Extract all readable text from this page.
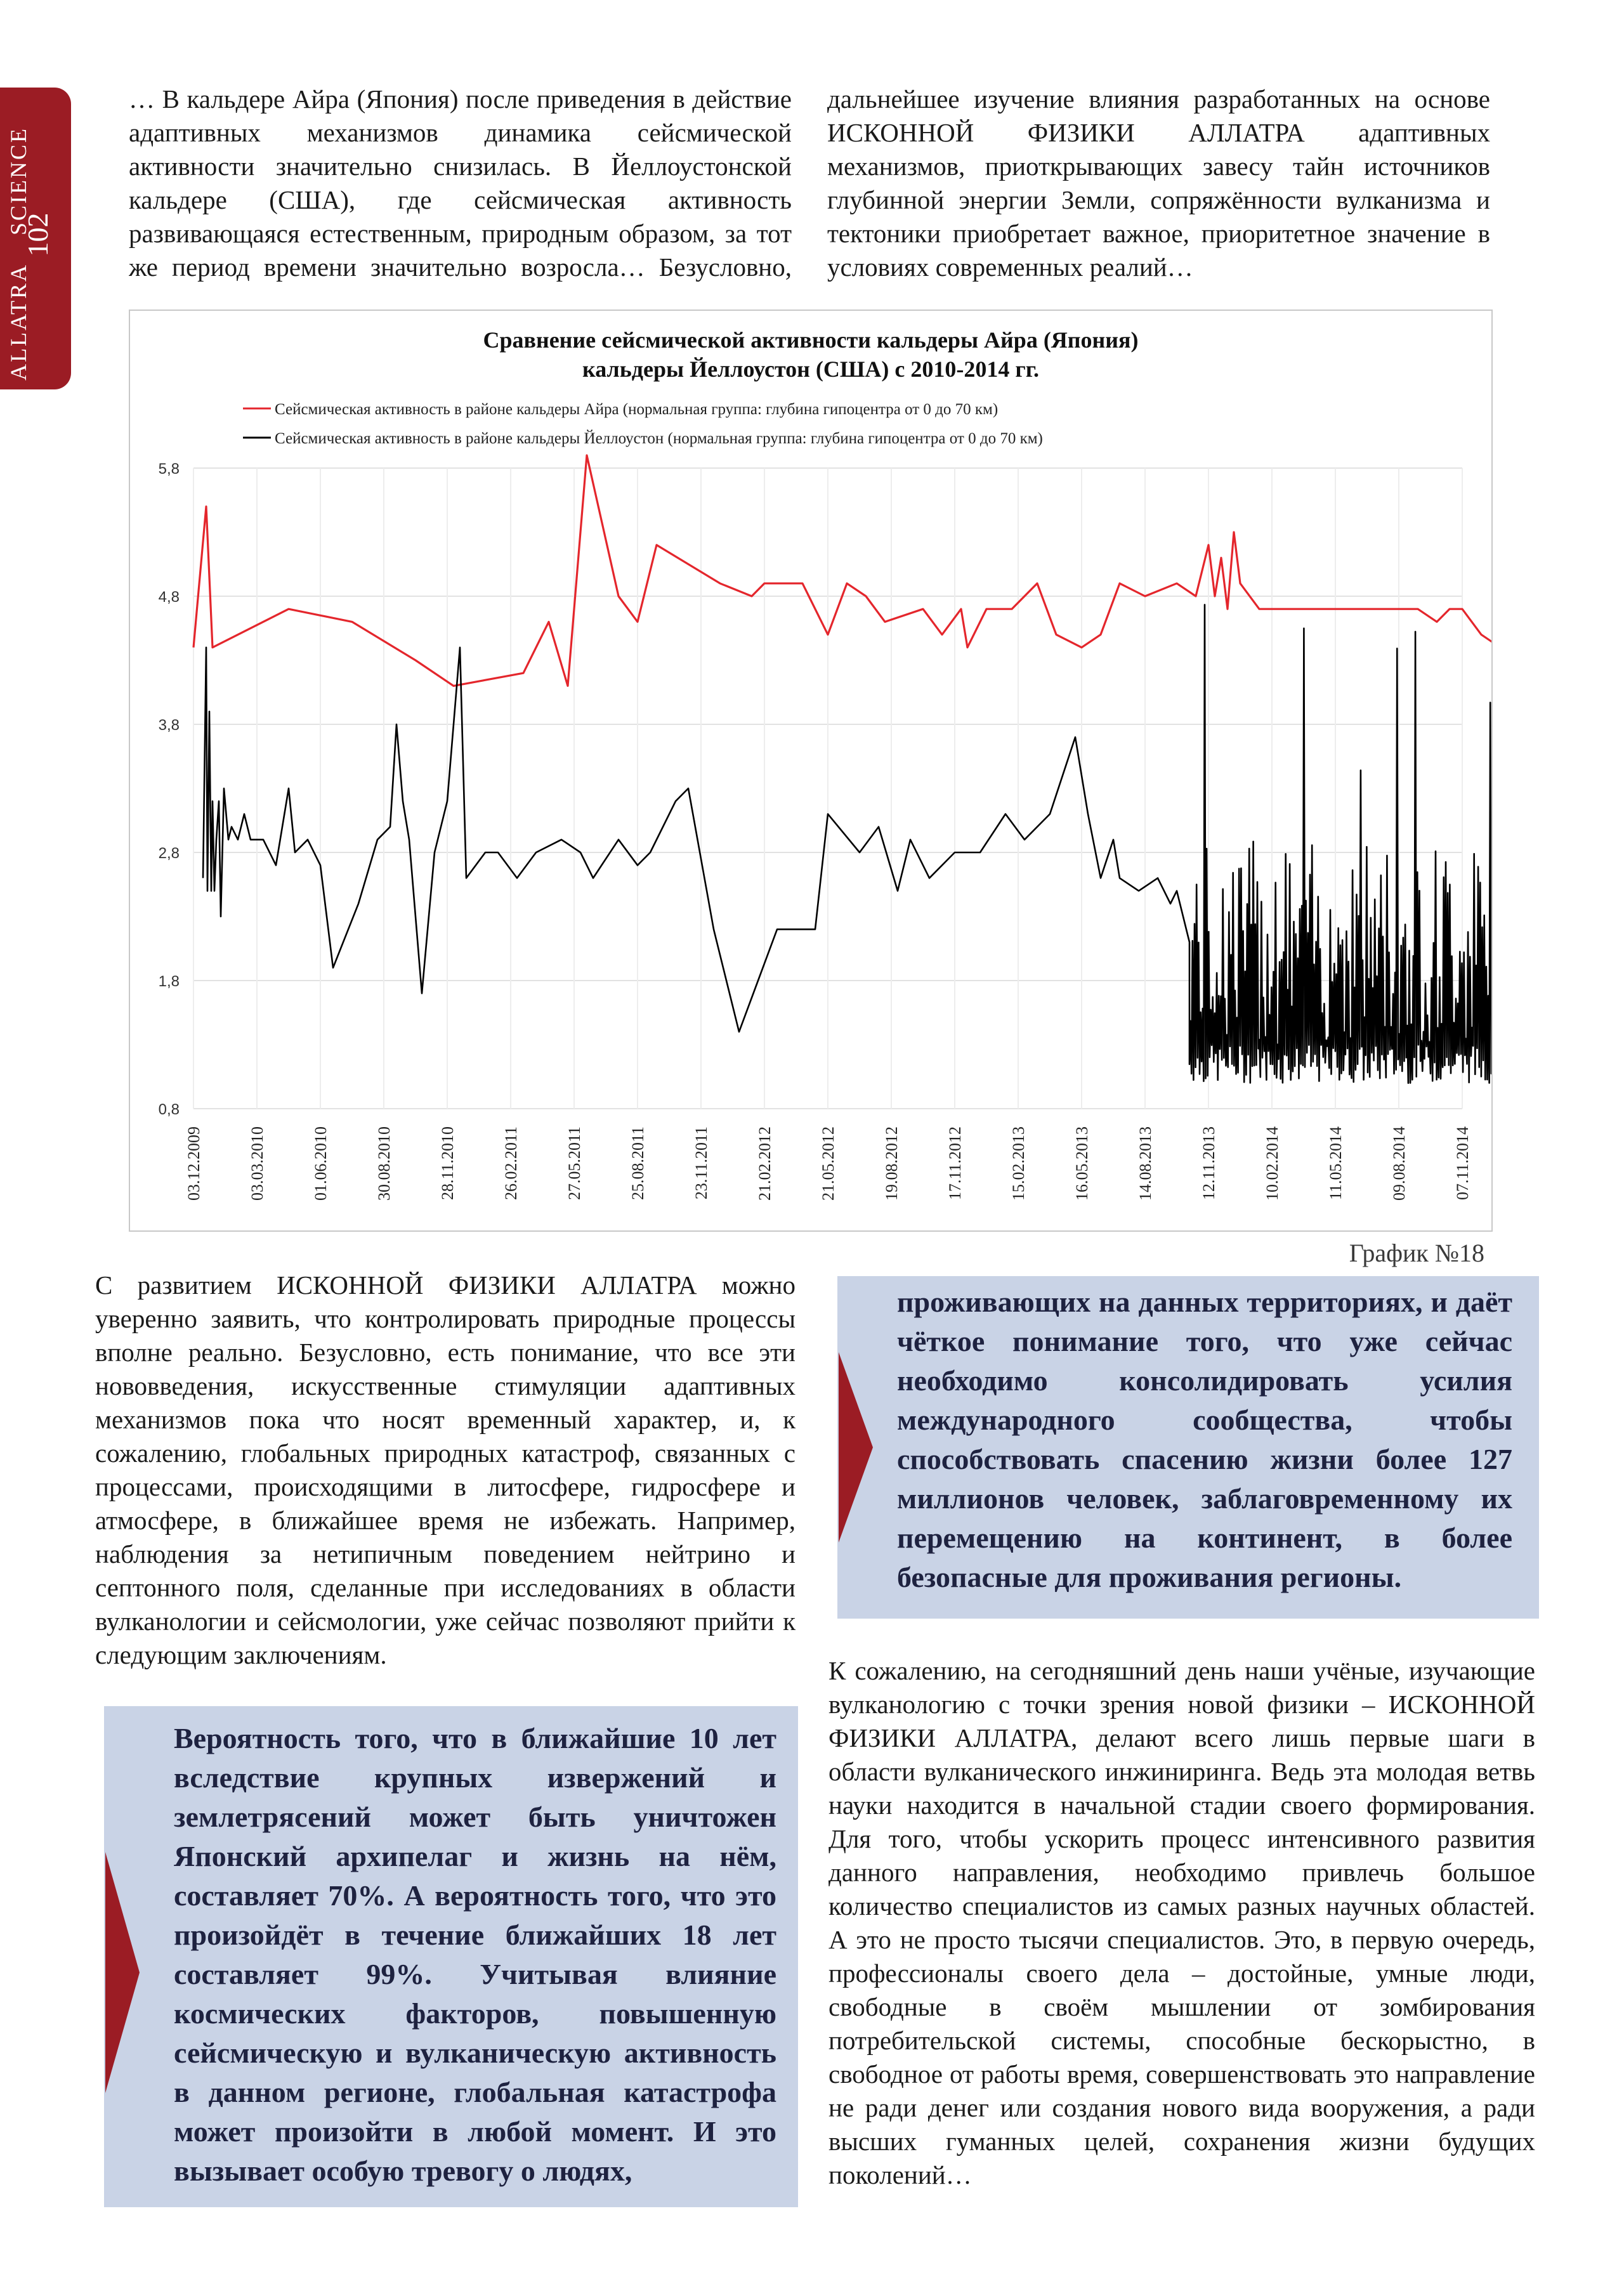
ALLATRA SCIENCE
102
… В кальдере Айра (Япония) после приведения в действие адаптивных механизмов динамика сейсмической активности значительно снизилась. В Йеллоустонской кальдере (США), где сейсмическая активность развивающаяся естественным, природным образом, за тот же период времени значительно возросла… Безусловно, дальнейшее изучение влияния разработанных на основе ИСКОННОЙ ФИЗИКИ АЛЛАТРА адаптивных механизмов, приоткрывающих завесу тайн источников глубинной энергии Земли, сопряжённости вулканизма и тектоники приобретает важное, приоритетное значение в условиях современных реалий…
Сравнение сейсмической активности кальдеры Айра (Япония)
кальдеры Йеллоустон (США) с 2010-2014 гг.
Сейсмическая активность в районе кальдеры Айра (нормальная группа: глубина гипоцентра от 0 до 70 км)
Сейсмическая активность в районе кальдеры Йеллоустон (нормальная группа: глубина гипоцентра от 0 до 70 км)
5,8
4,8
3,8
2,8
1,8
0,8
03.12.2009	03.03.2010	01.06.2010	30.08.2010	28.11.2010	26.02.2011	27.05.2011	25.08.2011	23.11.2011	21.02.2012	21.05.2012	19.08.2012	17.11.2012	15.02.2013	16.05.2013	14.08.2013	12.11.2013	10.02.2014	11.05.2014	09.08.2014	07.11.2014
График №18
С развитием ИСКОННОЙ ФИЗИКИ АЛЛАТРА можно уверенно заявить, что контролировать природные процессы вполне реально. Безусловно, есть понимание, что все эти нововведения, искусственные стимуляции адаптивных механизмов пока что носят временный характер, и, к сожалению, глобальных природных катастроф, связанных с процессами, происходящими в литосфере, гидросфере и атмосфере, в ближайшее время не избежать. Например, наблюдения за нетипичным поведением нейтрино и септонного поля, сделанные при исследованиях в области вулканологии и сейсмологии, уже сейчас позволяют прийти к следующим заключениям.
Вероятность того, что в ближайшие 10 лет вследствие крупных извержений и землетрясений может быть уничтожен Японский архипелаг и жизнь на нём, составляет 70%. А вероятность того, что это произойдёт в течение ближайших 18 лет составляет 99%. Учитывая влияние космических факторов, повышенную сейсмическую и вулканическую активность в данном регионе, глобальная катастрофа может произойти в любой момент. И это вызывает особую тревогу о людях,
проживающих на данных территориях, и даёт чёткое понимание того, что уже сейчас необходимо консолидировать усилия международного сообщества, чтобы способствовать спасению жизни более 127 миллионов человек, заблаговременному их перемещению на континент, в более безопасные для проживания регионы.
К сожалению, на сегодняшний день наши учёные, изучающие вулканологию с точки зрения новой физики – ИСКОННОЙ ФИЗИКИ АЛЛАТРА, делают всего лишь первые шаги в области вулканического инжиниринга. Ведь эта молодая ветвь науки находится в начальной стадии своего формирования. Для того, чтобы ускорить процесс интенсивного развития данного направления, необходимо привлечь большое количество специалистов из самых разных научных областей. А это не просто тысячи специалистов. Это, в первую очередь, профессионалы своего дела – достойные, умные люди, свободные в своём мышлении от зомбирования потребительской системы, способные бескорыстно, в свободное от работы время, совершенствовать это направление не ради денег или создания нового вида вооружения, а ради высших гуманных целей, сохранения жизни будущих поколений…
